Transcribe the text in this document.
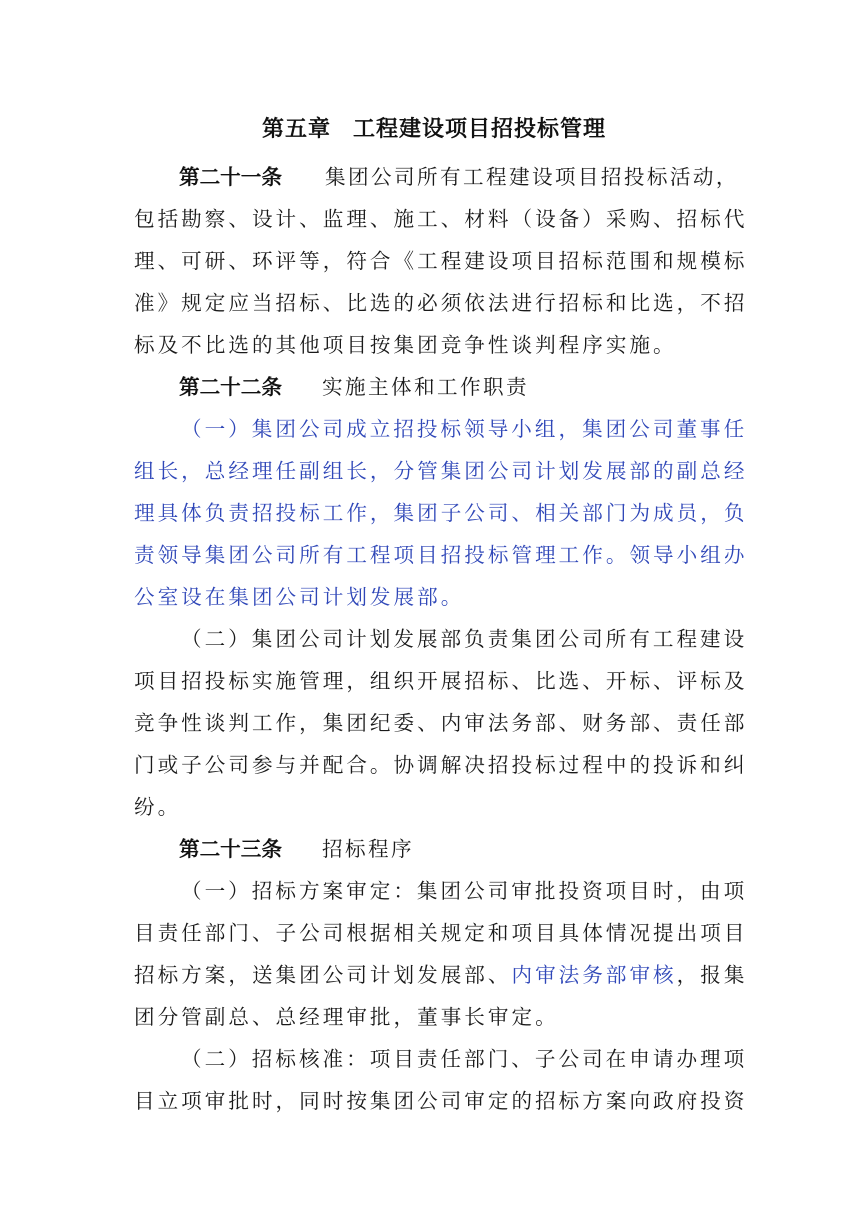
第五章 工程建设项目招投标管理
第二十一条 集团公司所有工程建设项目招投标活动，
包括勘察、设计、监理、施工、材料（设备）采购、招标代
理、可研、环评等，符合《工程建设项目招标范围和规模标
准》规定应当招标、比选的必须依法进行招标和比选，不招
标及不比选的其他项目按集团竞争性谈判程序实施。
第二十二条 实施主体和工作职责
（一）集团公司成立招投标领导小组，集团公司董事任
组长，总经理任副组长，分管集团公司计划发展部的副总经
理具体负责招投标工作，集团子公司、相关部门为成员，负
责领导集团公司所有工程项目招投标管理工作。领导小组办
公室设在集团公司计划发展部。
（二）集团公司计划发展部负责集团公司所有工程建设
项目招投标实施管理，组织开展招标、比选、开标、评标及
竞争性谈判工作，集团纪委、内审法务部、财务部、责任部
门或子公司参与并配合。协调解决招投标过程中的投诉和纠
纷。
第二十三条 招标程序
（一）招标方案审定：集团公司审批投资项目时，由项
目责任部门、子公司根据相关规定和项目具体情况提出项目
招标方案，送集团公司计划发展部、内审法务部审核，报集
团分管副总、总经理审批，董事长审定。
（二）招标核准：项目责任部门、子公司在申请办理项
目立项审批时，同时按集团公司审定的招标方案向政府投资
